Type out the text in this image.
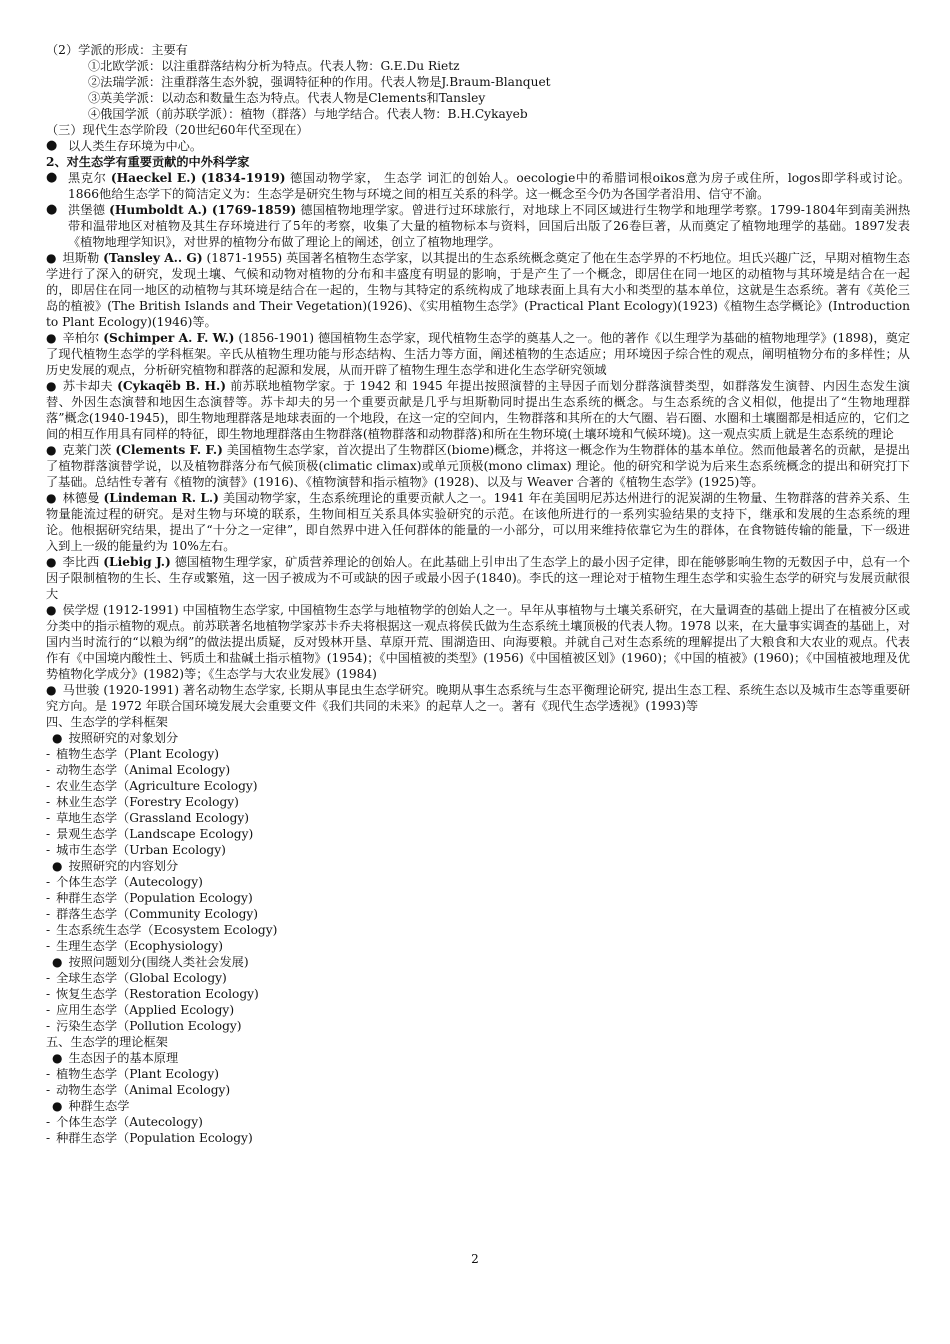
（2）学派的形成：主要有
①北欧学派：以注重群落结构分析为特点。代表人物：G.E.Du Rietz
②法瑞学派：注重群落生态外貌，强调特征种的作用。代表人物是J.Braum-Blanquet
③英美学派：以动态和数量生态为特点。代表人物是Clements和Tansley
④俄国学派（前苏联学派）：植物（群落）与地学结合。代表人物：B.H.Cykayeb
（三）现代生态学阶段（20世纪60年代至现在）
● 以人类生存环境为中心。
2、对生态学有重要贡献的中外科学家
● 黑克尔 (Haeckel E.) (1834-1919) 德国动物学家， 生态学 词汇的创始人。oecologie中的希腊词根oikos意为房子或住所，logos即学科或讨论。1866他给生态学下的简洁定义为：生态学是研究生物与环境之间的相互关系的科学。这一概念至今仍为各国学者沿用、信守不渝。
● 洪堡德 (Humboldt A.) (1769-1859) 德国植物地理学家。曾进行过环球旅行，对地球上不同区域进行生物学和地理学考察。1799-1804年到南美洲热带和温带地区对植物及其生存环境进行了5年的考察，收集了大量的植物标本与资料，回国后出版了26卷巨著，从而奠定了植物地理学的基础。1897发表《植物地理学知识》，对世界的植物分布做了理论上的阐述，创立了植物地理学。
● 坦斯勒 (Tansley A.. G) (1871-1955) 英国著名植物生态学家，以其提出的生态系统概念奠定了他在生态学界的不朽地位。坦氏兴趣广泛，早期对植物生态学进行了深入的研究，发现土壤、气候和动物对植物的分布和丰盛度有明显的影响，于是产生了一个概念，即居住在同一地区的动植物与其环境是结合在一起的，即居住在同一地区的动植物与其环境是结合在一起的，生物与其特定的系统构成了地球表面上具有大小和类型的基本单位，这就是生态系统。著有《英伦三岛的植被》(The British Islands and Their Vegetation)(1926)、《实用植物生态学》(Practical Plant Ecology)(1923)《植物生态学概论》(Introduction to Plant Ecology)(1946)等。
● 辛柏尔 (Schimper A. F. W.) (1856-1901) 德国植物生态学家，现代植物生态学的奠基人之一。他的著作《以生理学为基础的植物地理学》(1898)，奠定了现代植物生态学的学科框架。辛氏从植物生理功能与形态结构、生活力等方面，阐述植物的生态适应；用环境因子综合性的观点，阐明植物分布的多样性；从历史发展的观点，分析研究植物和群落的起源和发展，从而开辟了植物生理生态学和进化生态学研究领域
● 苏卡却夫 (Cykaqёb B. H.) 前苏联地植物学家。于 1942 和 1945 年提出按照演替的主导因子而划分群落演替类型，如群落发生演替、内因生态发生演替、外因生态演替和地因生态演替等。苏卡却夫的另一个重要贡献是几乎与坦斯勒同时提出生态系统的概念。与生态系统的含义相似，他提出了“生物地理群落”概念(1940-1945)，即生物地理群落是地球表面的一个地段，在这一定的空间内，生物群落和其所在的大气圈、岩石圈、水圈和土壤圈都是相适应的，它们之间的相互作用具有同样的特征，即生物地理群落由生物群落(植物群落和动物群落)和所在生物环境(土壤环境和气候环境)。这一观点实质上就是生态系统的理论
● 克莱门茨 (Clements F. F.) 美国植物生态学家，首次提出了生物群区(biome)概念，并将这一概念作为生物群体的基本单位。然而他最著名的贡献，是提出了植物群落演替学说，以及植物群落分布气候顶极(climatic climax)或单元顶极(mono climax) 理论。他的研究和学说为后来生态系统概念的提出和研究打下了基础。总结性专著有《植物的演替》(1916)、《植物演替和指示植物》(1928)、以及与 Weaver 合著的《植物生态学》(1925)等。
● 林德曼 (Lindeman R. L.) 美国动物学家，生态系统理论的重要贡献人之一。1941 年在美国明尼苏达州进行的泥炭湖的生物量、生物群落的营养关系、生物量能流过程的研究。是对生物与环境的联系，生物间相互关系具体实验研究的示范。在该他所进行的一系列实验结果的支持下，继承和发展的生态系统的理论。他根据研究结果，提出了“十分之一定律”，即自然界中进入任何群体的能量的一小部分，可以用来维持依靠它为生的群体，在食物链传输的能量，下一级进入到上一级的能量约为 10%左右。
● 李比西 (Liebig J.) 德国植物生理学家，矿质营养理论的创始人。在此基础上引申出了生态学上的最小因子定律，即在能够影响生物的无数因子中，总有一个因子限制植物的生长、生存或繁殖，这一因子被成为不可或缺的因子或最小因子(1840)。李氏的这一理论对于植物生理生态学和实验生态学的研究与发展贡献很大
● 侯学煜 (1912-1991) 中国植物生态学家, 中国植物生态学与地植物学的创始人之一。早年从事植物与土壤关系研究，在大量调查的基础上提出了在植被分区或分类中的指示植物的观点。前苏联著名地植物学家苏卡乔夫将根据这一观点将侯氏做为生态系统土壤顶极的代表人物。1978 以来，在大量事实调查的基础上，对国内当时流行的“以粮为纲”的做法提出质疑，反对毁林开垦、草原开荒、围湖造田、向海要粮。并就自己对生态系统的理解提出了大粮食和大农业的观点。代表作有《中国境内酸性土、钙质土和盐碱土指示植物》(1954)；《中国植被的类型》(1956)《中国植被区划》(1960)；《中国的植被》(1960)；《中国植被地理及优势植物化学成分》(1982)等；《生态学与大农业发展》(1984)
● 马世骏 (1920-1991) 著名动物生态学家, 长期从事昆虫生态学研究。晚期从事生态系统与生态平衡理论研究, 提出生态工程、系统生态以及城市生态等重要研究方向。是 1972 年联合国环境发展大会重要文件《我们共同的未来》的起草人之一。著有《现代生态学透视》(1993)等
四、生态学的学科框架
● 按照研究的对象划分
- 植物生态学（Plant Ecology)
- 动物生态学（Animal Ecology)
- 农业生态学（Agriculture Ecology)
- 林业生态学（Forestry Ecology)
- 草地生态学（Grassland Ecology)
- 景观生态学（Landscape Ecology)
- 城市生态学（Urban Ecology)
● 按照研究的内容划分
- 个体生态学（Autecology)
- 种群生态学（Population Ecology)
- 群落生态学（Community Ecology)
- 生态系统生态学（Ecosystem Ecology)
- 生理生态学（Ecophysiology)
● 按照问题划分(围绕人类社会发展)
- 全球生态学（Global Ecology)
- 恢复生态学（Restoration Ecology)
- 应用生态学（Applied Ecology)
- 污染生态学（Pollution Ecology)
五、生态学的理论框架
● 生态因子的基本原理
- 植物生态学（Plant Ecology)
- 动物生态学（Animal Ecology)
● 种群生态学
- 个体生态学（Autecology)
- 种群生态学（Population Ecology)
2
